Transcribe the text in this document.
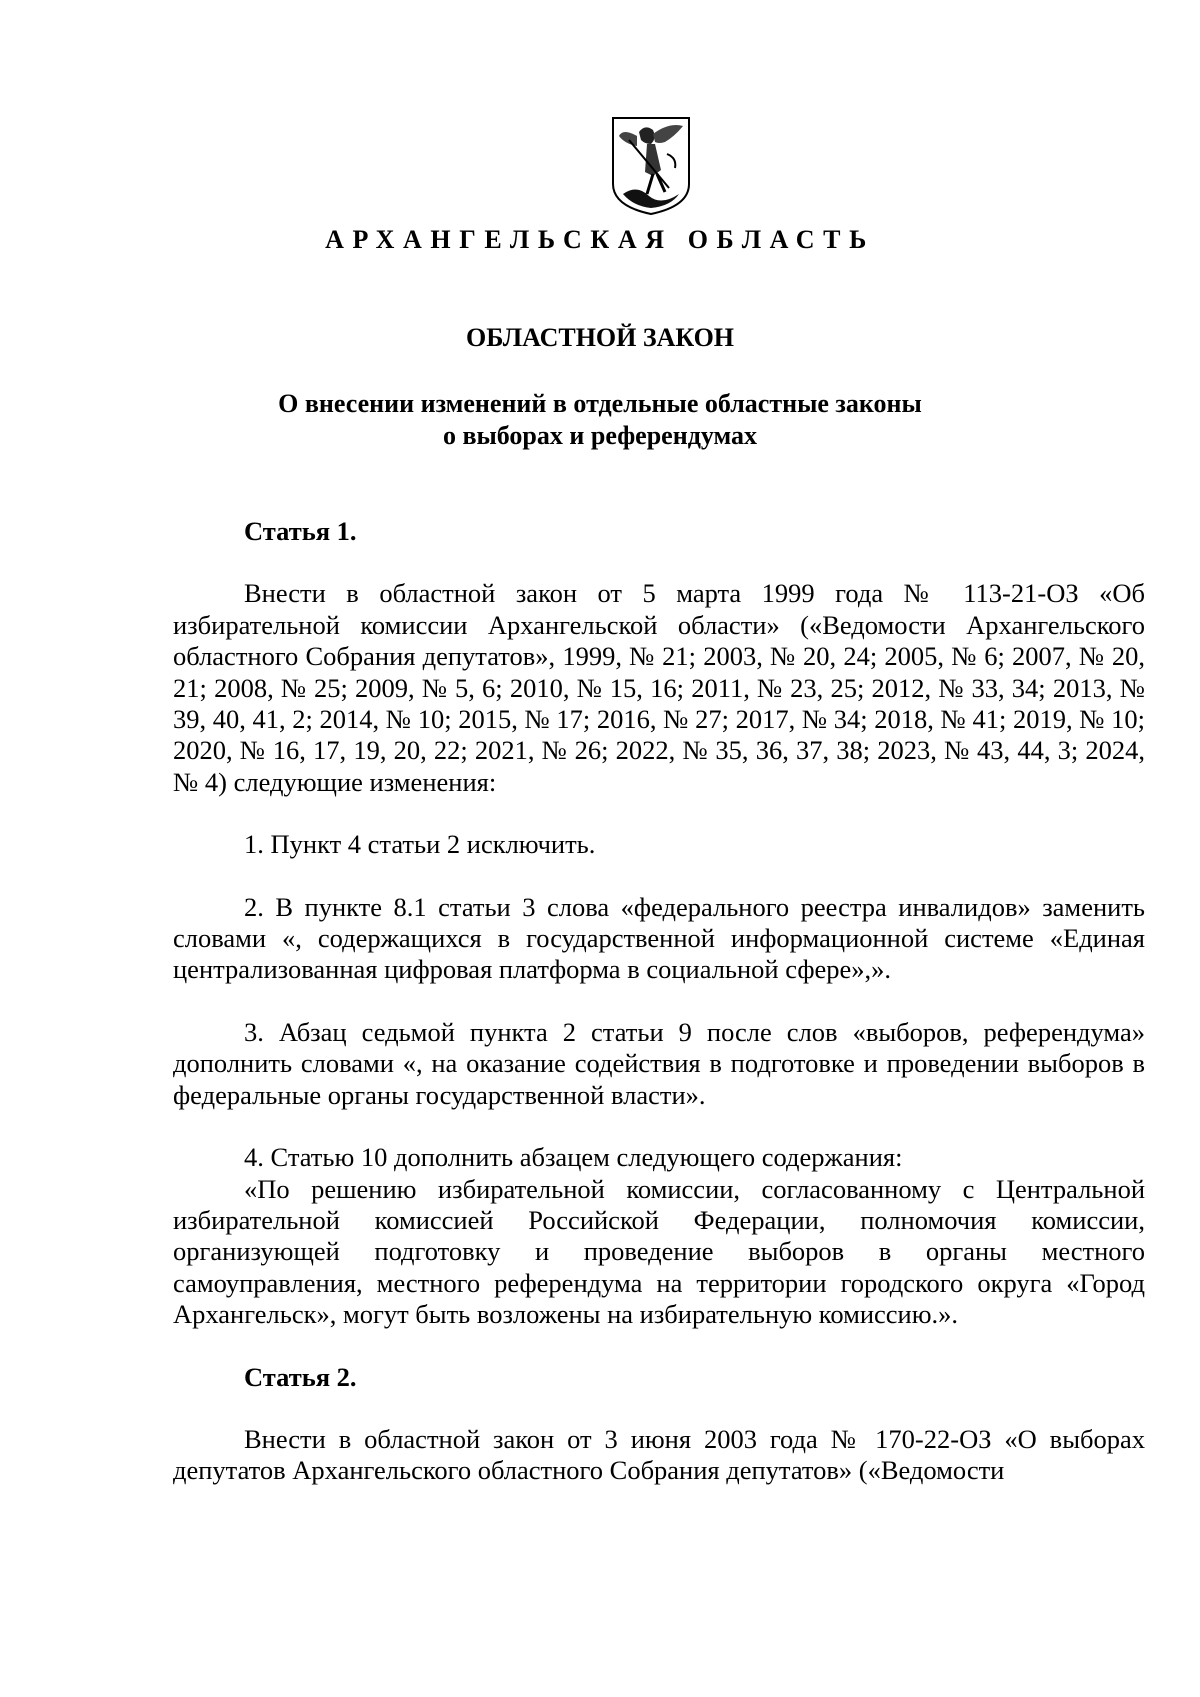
АРХАНГЕЛЬСКАЯ ОБЛАСТЬ
ОБЛАСТНОЙ ЗАКОН
О внесении изменений в отдельные областные законы
о выборах и референдумах

Статья 1.

Внести в областной закон от 5 марта 1999 года № 113-21-ОЗ «Об избирательной комиссии Архангельской области» («Ведомости Архангельского областного Собрания депутатов», 1999, № 21; 2003, № 20, 24; 2005, № 6; 2007, № 20, 21; 2008, № 25; 2009, № 5, 6; 2010, № 15, 16; 2011, № 23, 25; 2012, № 33, 34; 2013, № 39, 40, 41, 2; 2014, № 10; 2015, № 17; 2016, № 27; 2017, № 34; 2018, № 41; 2019, № 10; 2020, № 16, 17, 19, 20, 22; 2021, № 26; 2022, № 35, 36, 37, 38; 2023, № 43, 44, 3; 2024, № 4) следующие изменения:

1. Пункт 4 статьи 2 исключить.

2. В пункте 8.1 статьи 3 слова «федерального реестра инвалидов» заменить словами «, содержащихся в государственной информационной системе «Единая централизованная цифровая платформа в социальной сфере»,».

3. Абзац седьмой пункта 2 статьи 9 после слов «выборов, референдума» дополнить словами «, на оказание содействия в подготовке и проведении выборов в федеральные органы государственной власти».

4. Статью 10 дополнить абзацем следующего содержания:

«По решению избирательной комиссии, согласованному с Центральной избирательной комиссией Российской Федерации, полномочия комиссии, организующей подготовку и проведение выборов в органы местного самоуправления, местного референдума на территории городского округа «Город Архангельск», могут быть возложены на избирательную комиссию.».

Статья 2.

Внести в областной закон от 3 июня 2003 года № 170-22-ОЗ «О выборах депутатов Архангельского областного Собрания депутатов» («Ведомости
